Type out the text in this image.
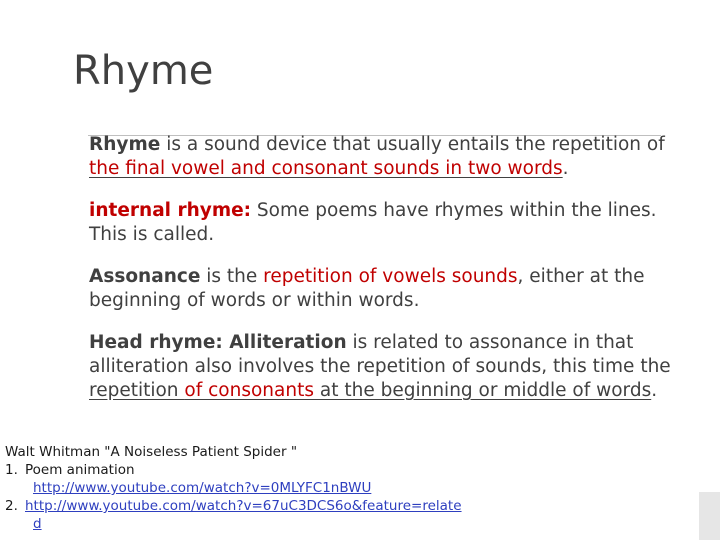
Rhyme
Rhyme is a sound device that usually entails the repetition of the final vowel and consonant sounds in two words.
internal rhyme: Some poems have rhymes within the lines. This is called.
Assonance is the repetition of vowels sounds, either at the beginning of words or within words.
Head rhyme: Alliteration is related to assonance in that alliteration also involves the repetition of sounds, this time the repetition of consonants at the beginning or middle of words.
Walt Whitman "A Noiseless Patient Spider "
1. Poem animation
http://www.youtube.com/watch?v=0MLYFC1nBWU
2. http://www.youtube.com/watch?v=67uC3DCS6o&feature=relate
d
